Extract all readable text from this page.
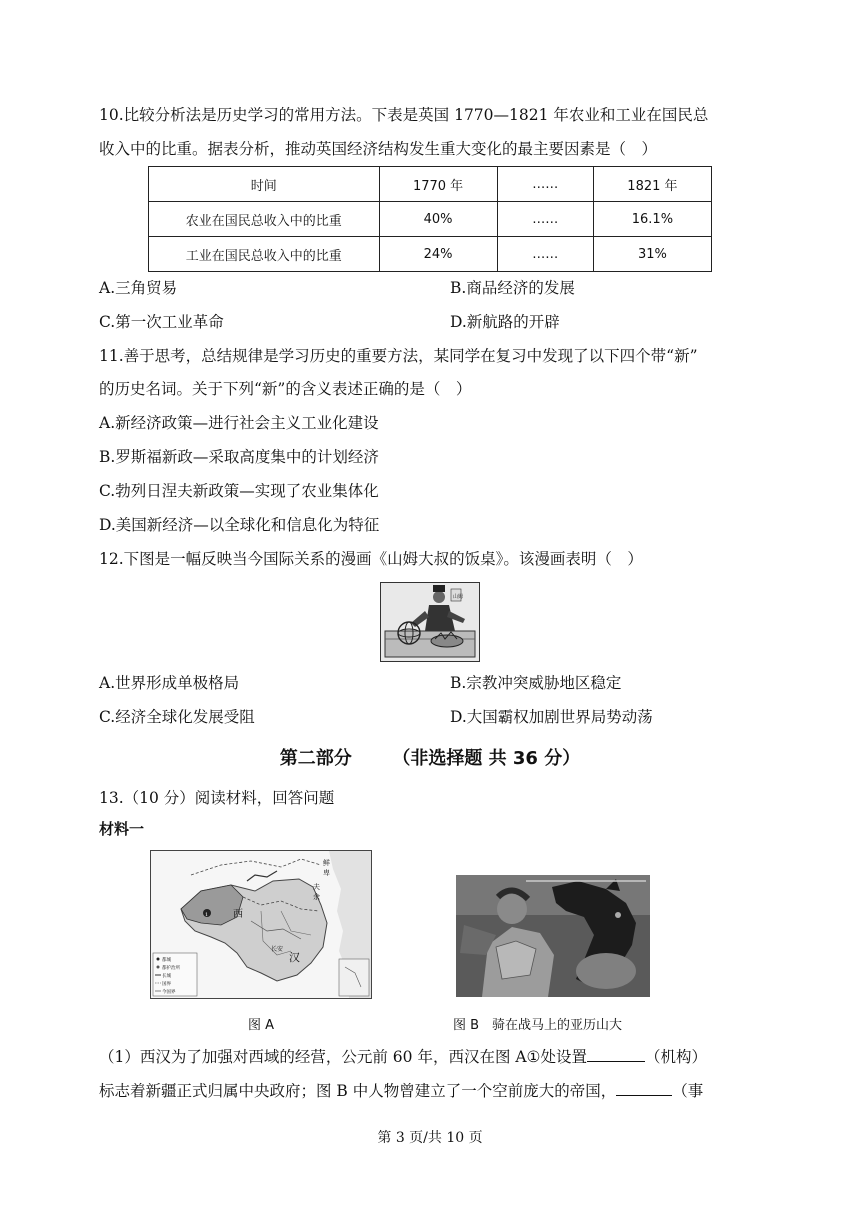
10.比较分析法是历史学习的常用方法。下表是英国 1770—1821 年农业和工业在国民总
收入中的比重。据表分析，推动英国经济结构发生重大变化的最主要因素是（　）
时间	1770 年	……	1821 年
农业在国民总收入中的比重	40%	……	16.1%
工业在国民总收入中的比重	24%	……	31%
A.三角贸易	B.商品经济的发展
C.第一次工业革命	D.新航路的开辟
11.善于思考，总结规律是学习历史的重要方法，某同学在复习中发现了以下四个带“新”
的历史名词。关于下列“新”的含义表述正确的是（　）
A.新经济政策—进行社会主义工业化建设
B.罗斯福新政—采取高度集中的计划经济
C.勃列日涅夫新政策—实现了农业集体化
D.美国新经济—以全球化和信息化为特征
12.下图是一幅反映当今国际关系的漫画《山姆大叔的饭桌》。该漫画表明（　）
山姆
A.世界形成单极格局	B.宗教冲突威胁地区稳定
C.经济全球化发展受阻	D.大国霸权加剧世界局势动荡
第二部分 （非选择题 共 36 分）
13.（10 分）阅读材料，回答问题
材料一
1 西
汉
长安
鲜
卑
夫
余
都城
都护治所
长城
国界
今国界
图 A	图 B　骑在战马上的亚历山大
（1）西汉为了加强对西域的经营，公元前 60 年，西汉在图 A①处设置	（机构）
标志着新疆正式归属中央政府；图 B 中人物曾建立了一个空前庞大的帝国，	（事
第 3 页/共 10 页
